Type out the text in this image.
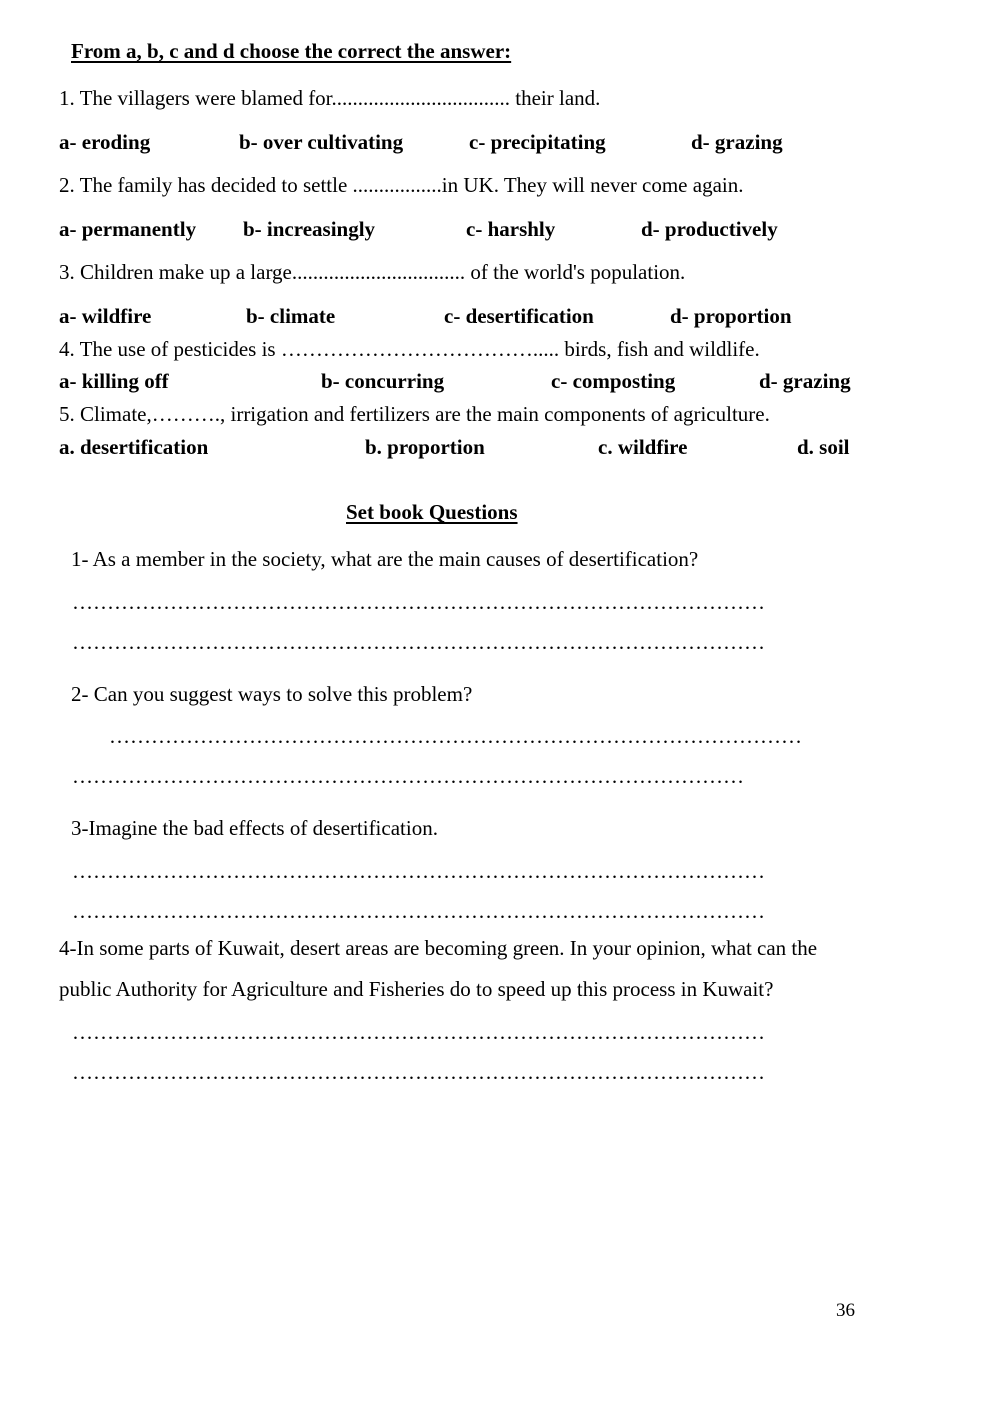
From a, b, c and d choose the correct the answer:
1. The villagers were blamed for.................................. their land.
a- eroding	b- over cultivating	c- precipitating	d- grazing
2. The family has decided to settle .................in UK. They will never come again.
a- permanently b- increasingly	c- harshly	d- productively
3. Children make up a large................................. of the world's population.
a- wildfire	b- climate	c- desertification	d- proportion
4. The use of pesticides is ………………………………..... birds, fish and wildlife.
a- killing off	b- concurring	c- composting	d- grazing
5. Climate,………., irrigation and fertilizers are the main components of agriculture.
a. desertification	b. proportion	c. wildfire	d. soil
Set book Questions
1- As a member in the society, what are the main causes of desertification?
………………………………………………………………………………………
………………………………………………………………………………………
2- Can you suggest ways to solve this problem?
………………………………………………………………………………………
……………………………………………………………………………………
3-Imagine the bad effects of desertification.
………………………………………………………………………………………
………………………………………………………………………………………
4-In some parts of Kuwait, desert areas are becoming green. In your opinion, what can the
public Authority for Agriculture and Fisheries do to speed up this process in Kuwait?
………………………………………………………………………………………
………………………………………………………………………………………
36
